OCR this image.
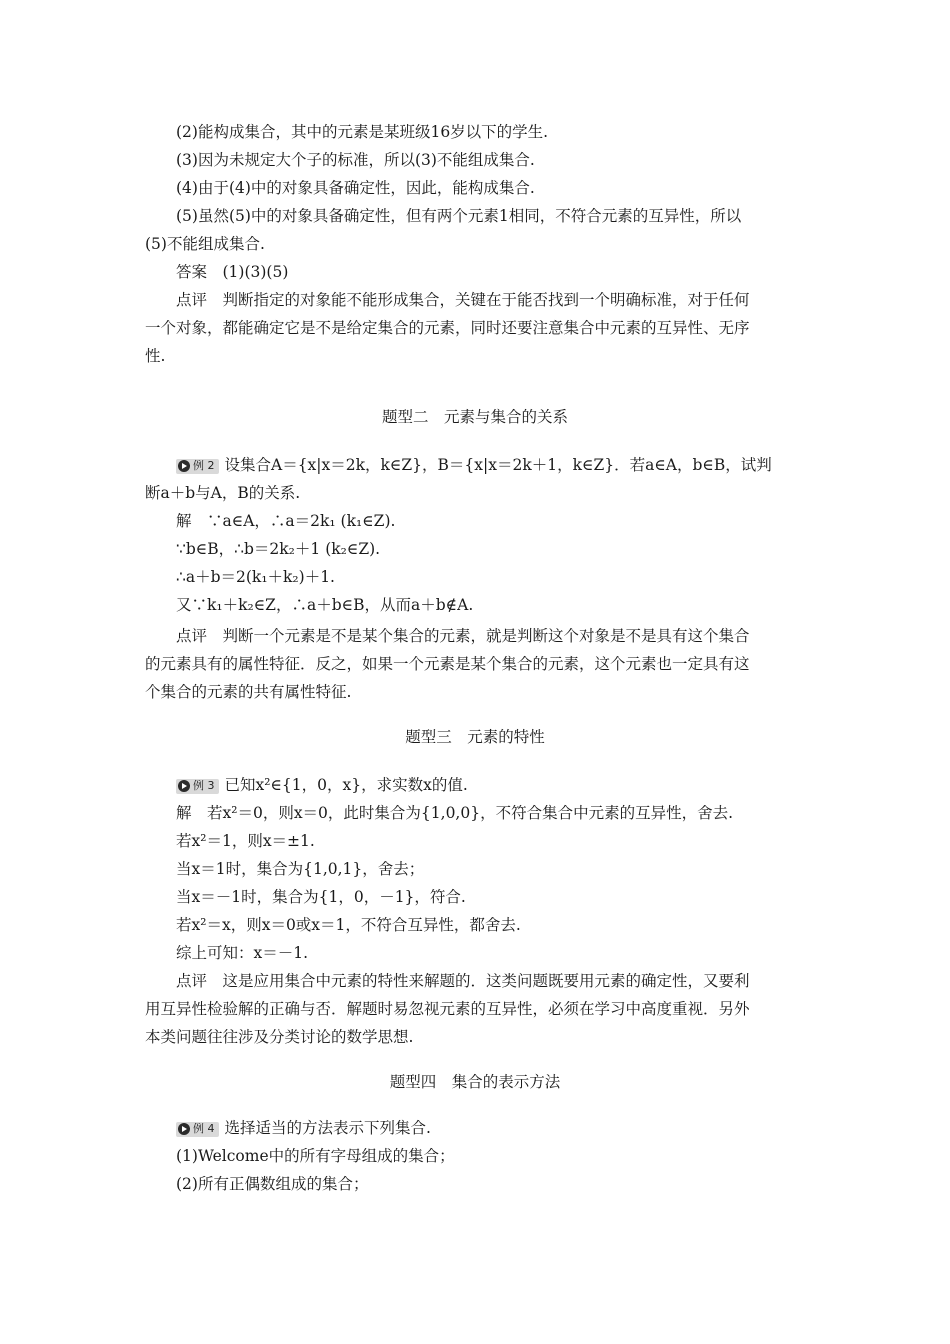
(2)能构成集合，其中的元素是某班级16岁以下的学生.
(3)因为未规定大个子的标准，所以(3)不能组成集合.
(4)由于(4)中的对象具备确定性，因此，能构成集合.
(5)虽然(5)中的对象具备确定性，但有两个元素1相同，不符合元素的互异性，所以
(5)不能组成集合.
答案　(1)(3)(5)
点评　判断指定的对象能不能形成集合，关键在于能否找到一个明确标准，对于任何
一个对象，都能确定它是不是给定集合的元素，同时还要注意集合中元素的互异性、无序
性.
题型二　元素与集合的关系
例 2 设集合A＝{x|x＝2k，k∈Z}，B＝{x|x＝2k＋1，k∈Z}．若a∈A，b∈B，试判
断a＋b与A，B的关系.
解　∵a∈A，∴a＝2k₁ (k₁∈Z).
∵b∈B，∴b＝2k₂＋1 (k₂∈Z).
∴a＋b＝2(k₁＋k₂)＋1.
又∵k₁＋k₂∈Z，∴a＋b∈B，从而a＋b∉A.
点评　判断一个元素是不是某个集合的元素，就是判断这个对象是不是具有这个集合
的元素具有的属性特征．反之，如果一个元素是某个集合的元素，这个元素也一定具有这
个集合的元素的共有属性特征.
题型三　元素的特性
例 3 已知x²∈{1，0，x}，求实数x的值.
解　若x²＝0，则x＝0，此时集合为{1,0,0}，不符合集合中元素的互异性，舍去.
若x²＝1，则x＝±1.
当x＝1时，集合为{1,0,1}，舍去；
当x＝－1时，集合为{1，0，－1}，符合.
若x²＝x，则x＝0或x＝1，不符合互异性，都舍去.
综上可知：x＝－1.
点评　这是应用集合中元素的特性来解题的．这类问题既要用元素的确定性，又要利
用互异性检验解的正确与否．解题时易忽视元素的互异性，必须在学习中高度重视．另外
本类问题往往涉及分类讨论的数学思想.
题型四　集合的表示方法
例 4 选择适当的方法表示下列集合.
(1)Welcome中的所有字母组成的集合；
(2)所有正偶数组成的集合；
